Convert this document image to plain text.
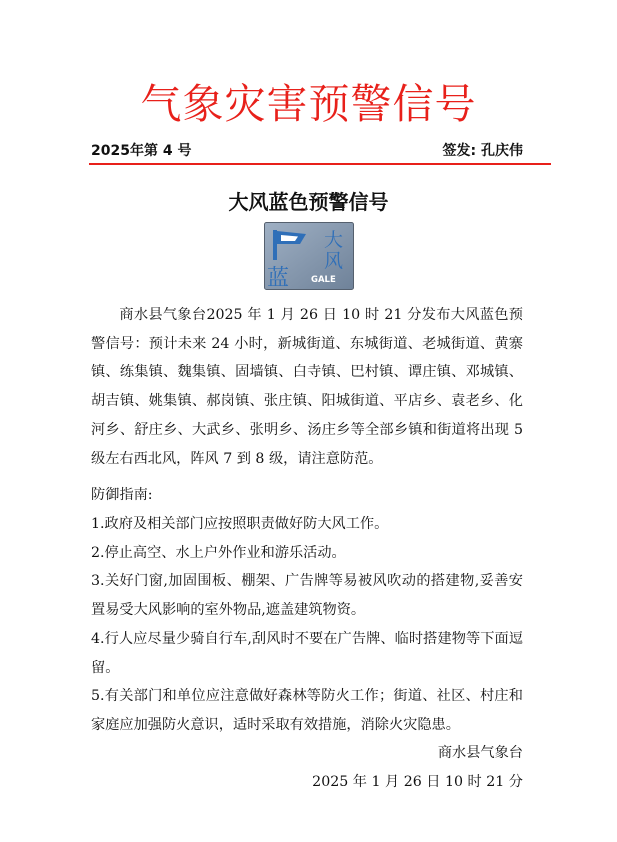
气象灾害预警信号
2025年第 4 号	签发: 孔庆伟
大风蓝色预警信号
大
风
蓝	GALE
商水县气象台2025 年 1 月 26 日 10 时 21 分发布大风蓝色预警信号：预计未来 24 小时，新城街道、东城街道、老城街道、黄寨镇、练集镇、魏集镇、固墙镇、白寺镇、巴村镇、谭庄镇、邓城镇、胡吉镇、姚集镇、郝岗镇、张庄镇、阳城街道、平店乡、袁老乡、化河乡、舒庄乡、大武乡、张明乡、汤庄乡等全部乡镇和街道将出现 5 级左右西北风，阵风 7 到 8 级，请注意防范。
防御指南:
1.政府及相关部门应按照职责做好防大风工作。
2.停止高空、水上户外作业和游乐活动。
3.关好门窗,加固围板、棚架、广告牌等易被风吹动的搭建物,妥善安置易受大风影响的室外物品,遮盖建筑物资。
4.行人应尽量少骑自行车,刮风时不要在广告牌、临时搭建物等下面逗留。
5.有关部门和单位应注意做好森林等防火工作；街道、社区、村庄和家庭应加强防火意识，适时采取有效措施，消除火灾隐患。
商水县气象台
2025 年 1 月 26 日 10 时 21 分
